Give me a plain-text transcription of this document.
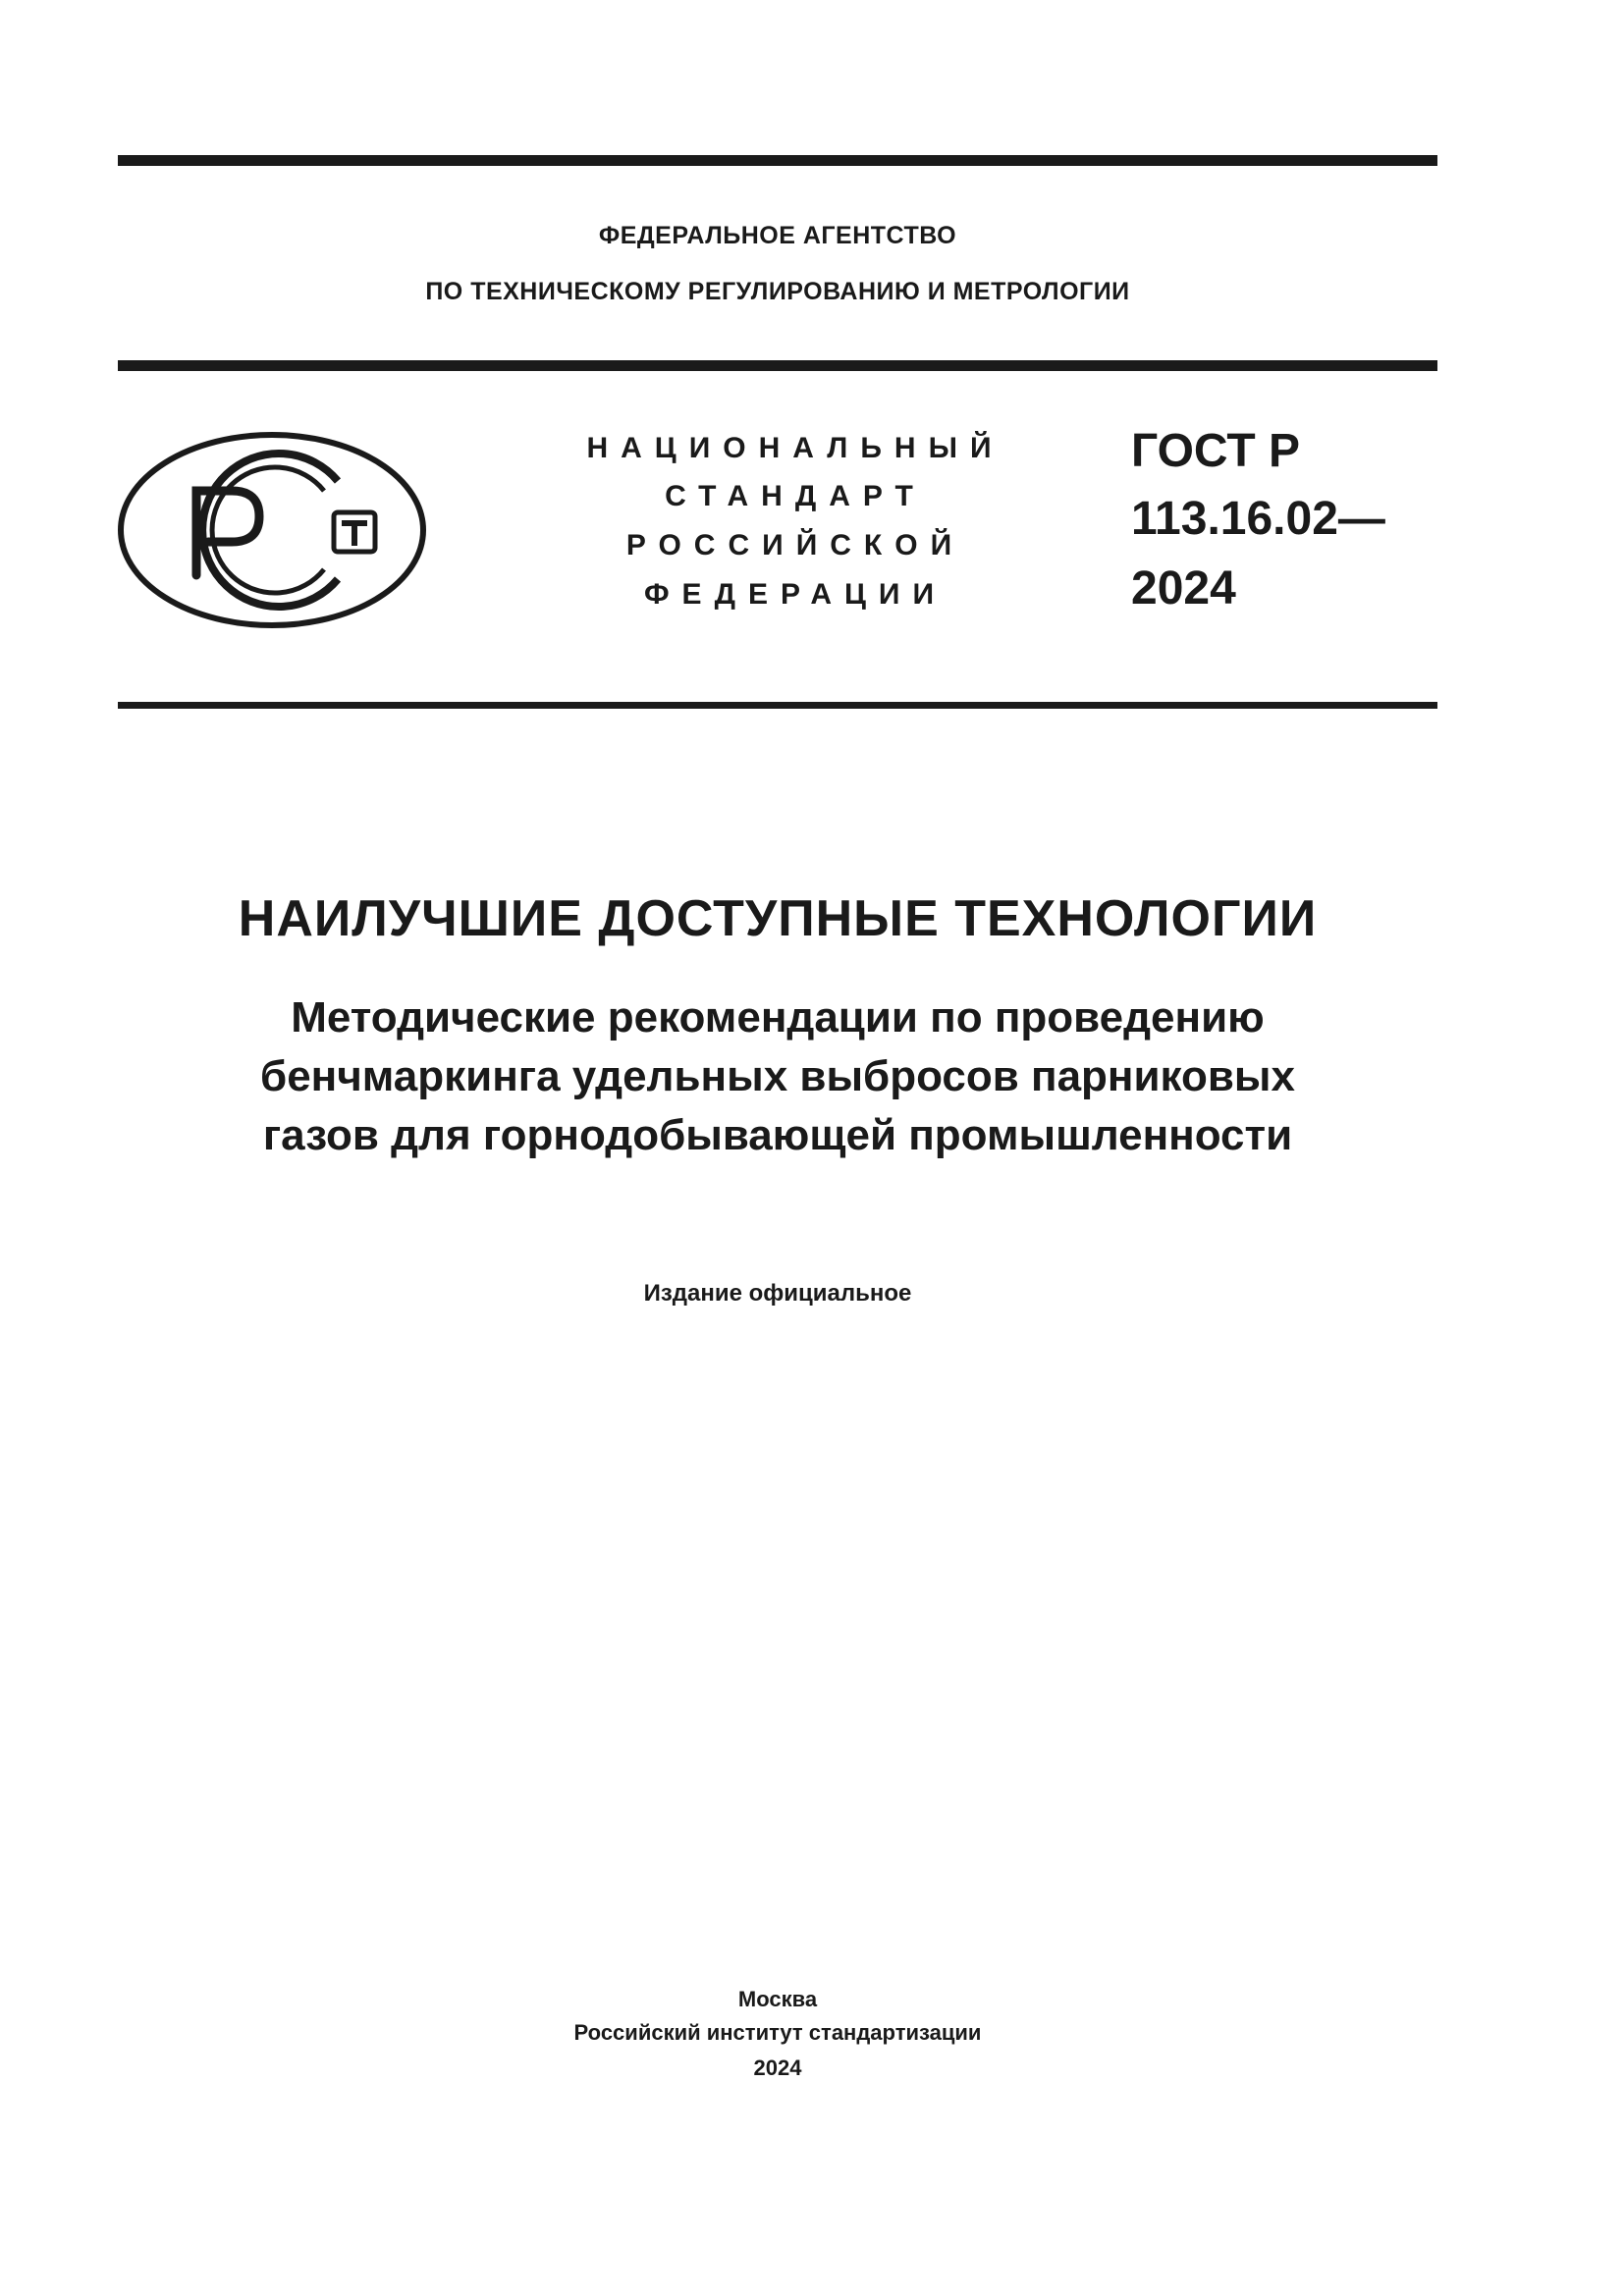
ФЕДЕРАЛЬНОЕ АГЕНТСТВО
ПО ТЕХНИЧЕСКОМУ РЕГУЛИРОВАНИЮ И МЕТРОЛОГИИ
НАЦИОНАЛЬНЫЙ
СТАНДАРТ
РОССИЙСКОЙ
ФЕДЕРАЦИИ
ГОСТ Р
113.16.02—
2024
НАИЛУЧШИЕ ДОСТУПНЫЕ ТЕХНОЛОГИИ
Методические рекомендации по проведению
бенчмаркинга удельных выбросов парниковых
газов для горнодобывающей промышленности
Издание официальное
Москва
Российский институт стандартизации
2024
